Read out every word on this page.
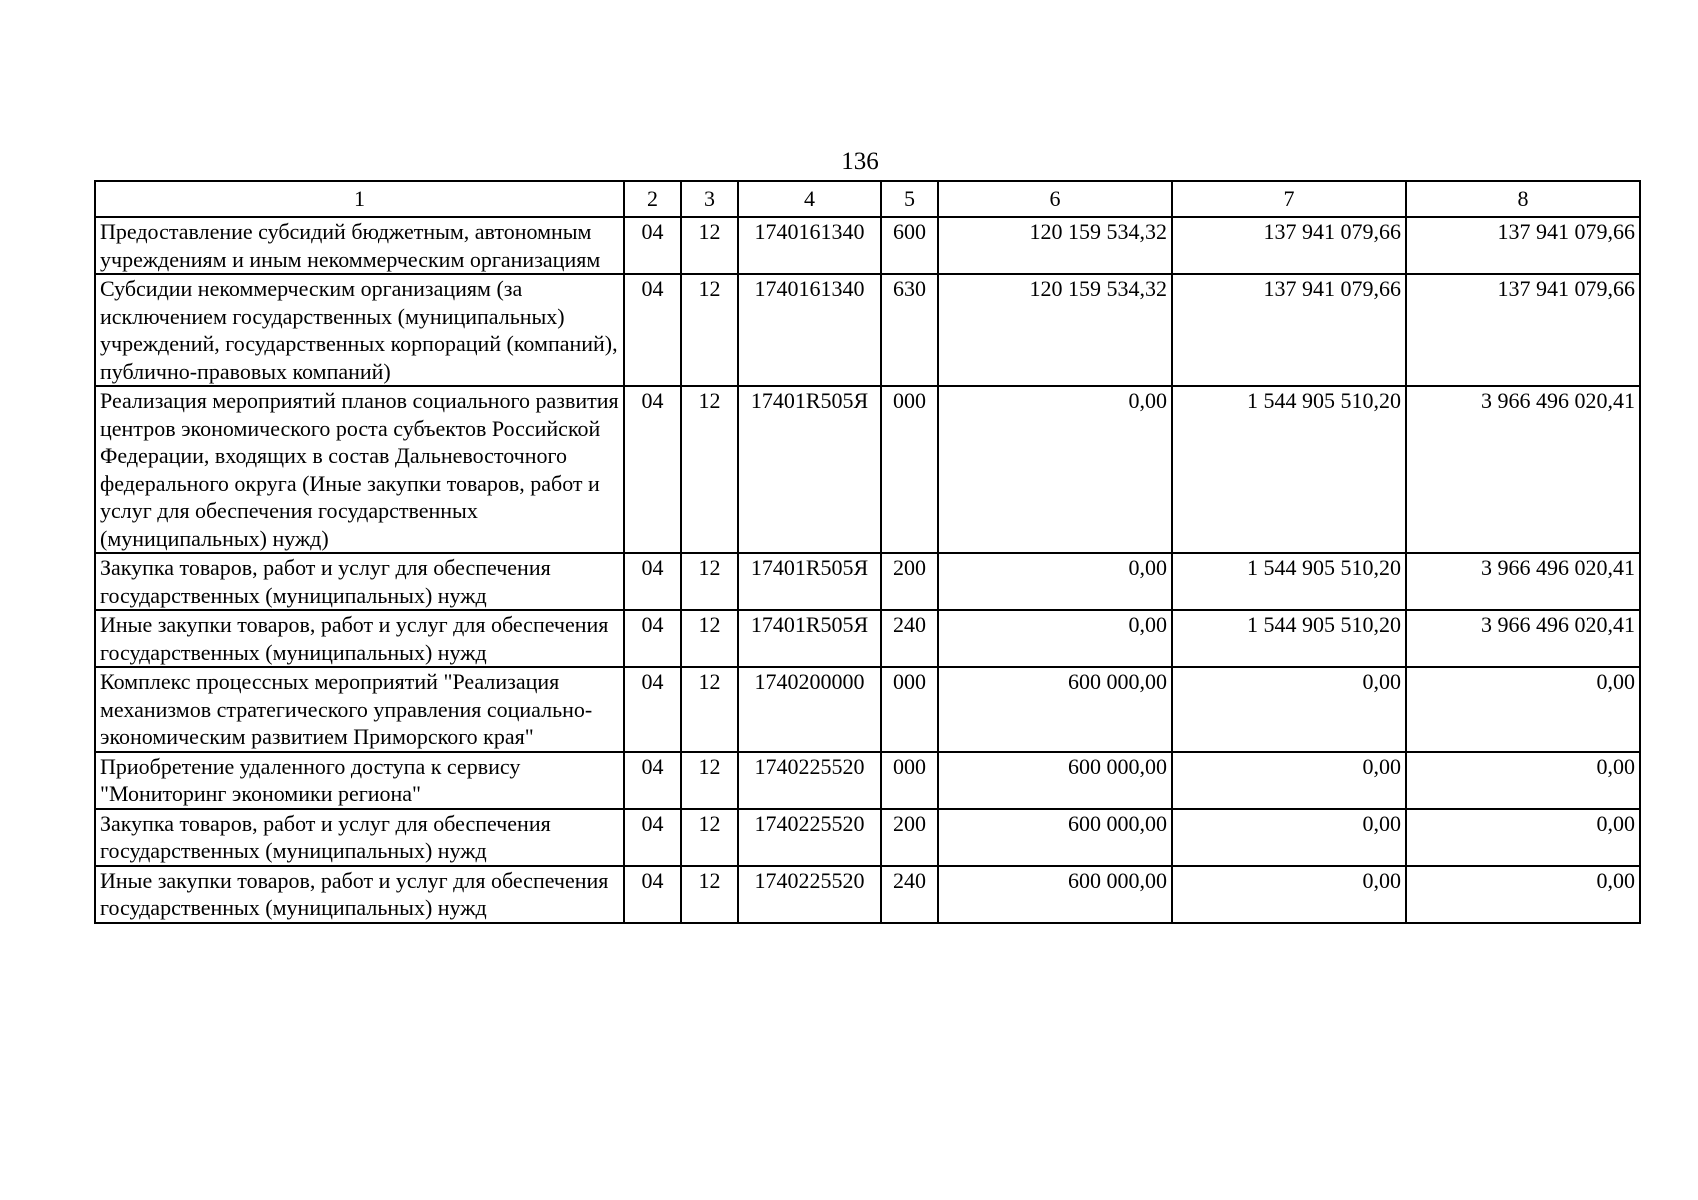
136
1	2	3	4	5	6	7	8
Предоставление субсидий бюджетным, автономным учреждениям и иным некоммерческим организациям	04	12	1740161340	600	120 159 534,32	137 941 079,66	137 941 079,66
Субсидии некоммерческим организациям (за исключением государственных (муниципальных) учреждений, государственных корпораций (компаний), публично-правовых компаний)	04	12	1740161340	630	120 159 534,32	137 941 079,66	137 941 079,66
Реализация мероприятий планов социального развития центров экономического роста субъектов Российской Федерации, входящих в состав Дальневосточного федерального округа (Иные закупки товаров, работ и услуг для обеспечения государственных (муниципальных) нужд)	04	12	17401R505Я	000	0,00	1 544 905 510,20	3 966 496 020,41
Закупка товаров, работ и услуг для обеспечения государственных (муниципальных) нужд	04	12	17401R505Я	200	0,00	1 544 905 510,20	3 966 496 020,41
Иные закупки товаров, работ и услуг для обеспечения государственных (муниципальных) нужд	04	12	17401R505Я	240	0,00	1 544 905 510,20	3 966 496 020,41
Комплекс процессных мероприятий "Реализация механизмов стратегического управления социально-экономическим развитием Приморского края"	04	12	1740200000	000	600 000,00	0,00	0,00
Приобретение удаленного доступа к сервису "Мониторинг экономики региона"	04	12	1740225520	000	600 000,00	0,00	0,00
Закупка товаров, работ и услуг для обеспечения государственных (муниципальных) нужд	04	12	1740225520	200	600 000,00	0,00	0,00
Иные закупки товаров, работ и услуг для обеспечения государственных (муниципальных) нужд	04	12	1740225520	240	600 000,00	0,00	0,00
